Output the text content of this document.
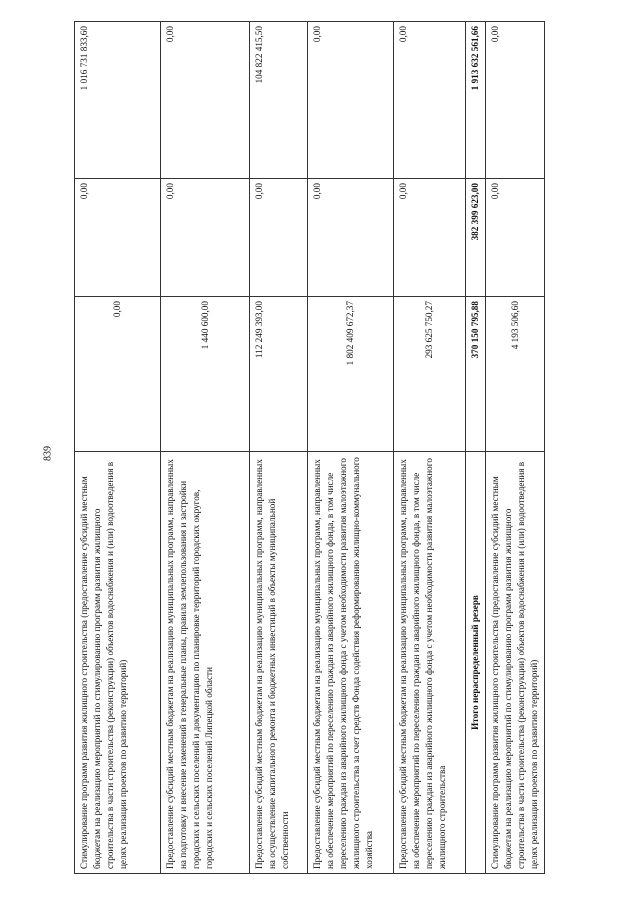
839
Стимулирование программ развития жилищного строительства (предоставление субсидий местным бюджетам на реализацию мероприятий по стимулированию программ развития жилищного строительства в части строительства (реконструкции) объектов водоснабжения и (или) водоотведения в целях реализации проектов по развитию территорий)	0,00	0,00	1 016 731 833,60
Предоставление субсидий местным бюджетам на реализацию муниципальных программ, направленных на подготовку и внесение изменений в генеральные планы, правила землепользования и застройки городских и сельских поселений и документацию по планировке территорий городских округов, городских и сельских поселений Липецкой области	1 440 600,00	0,00	0,00
Предоставление субсидий местным бюджетам на реализацию муниципальных программ, направленных на осуществление капитального ремонта и бюджетных инвестиций в объекты муниципальной собственности	112 249 393,00	0,00	104 822 415,50
Предоставление субсидий местным бюджетам на реализацию муниципальных программ, направленных на обеспечение мероприятий по переселению граждан из аварийного жилищного фонда, в том числе переселению граждан из аварийного жилищного фонда с учетом необходимости развития малоэтажного жилищного строительства за счет средств Фонда содействия реформированию жилищно-коммунального хозяйства	1 802 409 672,37	0,00	0,00
Предоставление субсидий местным бюджетам на реализацию муниципальных программ, направленных на обеспечение мероприятий по переселению граждан из аварийного жилищного фонда, в том числе переселению граждан из аварийного жилищного фонда с учетом необходимости развития малоэтажного жилищного строительства	293 625 750,27	0,00	0,00
Итого нераспределенный резерв	370 150 795,88	382 399 623,00	1 913 632 561,66
Стимулирование программ развития жилищного строительства (предоставление субсидий местным бюджетам на реализацию мероприятий по стимулированию программ развития жилищного строительства в части строительства (реконструкции) объектов водоснабжения и (или) водоотведения в целях реализации проектов по развитию территорий)	4 193 506,60	0,00	0,00
